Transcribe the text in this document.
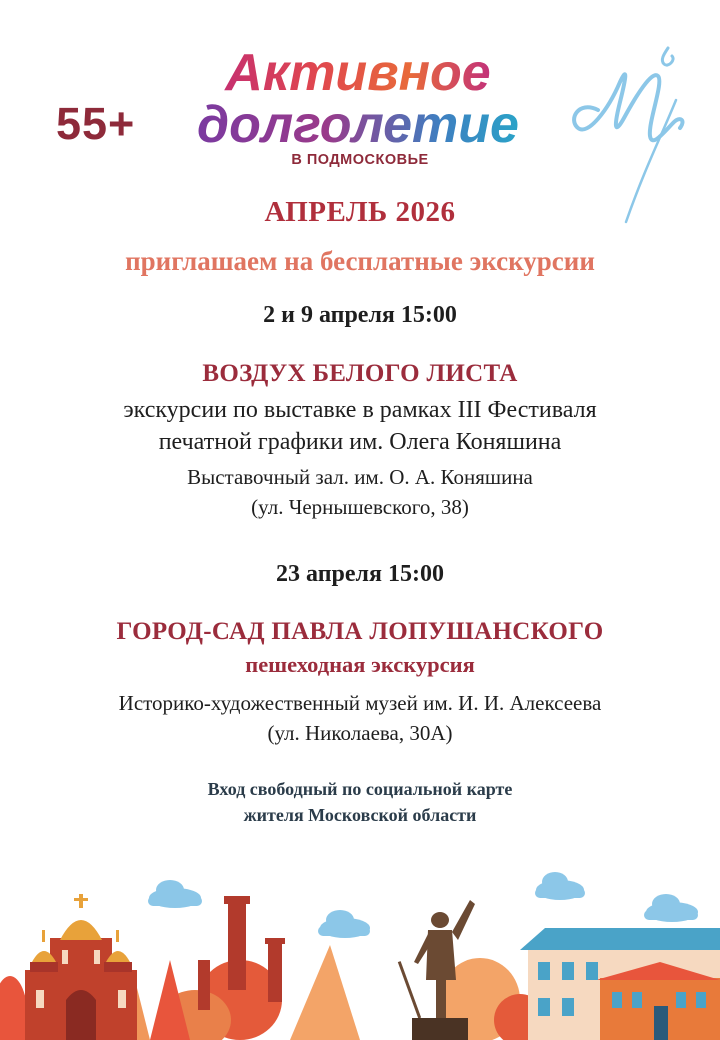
55+
Активное
долголетие
В ПОДМОСКОВЬЕ
АПРЕЛЬ 2026
приглашаем на бесплатные экскурсии
2 и 9 апреля 15:00
ВОЗДУХ БЕЛОГО ЛИСТА
экскурсии по выставке в рамках III Фестиваля
печатной графики им. Олега Коняшина
Выставочный зал. им. О. А. Коняшина
(ул. Чернышевского, 38)
23 апреля 15:00
ГОРОД-САД ПАВЛА ЛОПУШАНСКОГО
пешеходная экскурсия
Историко-художественный музей им. И. И. Алексеева
(ул. Николаева, 30А)
Вход свободный по социальной карте
жителя Московской области
